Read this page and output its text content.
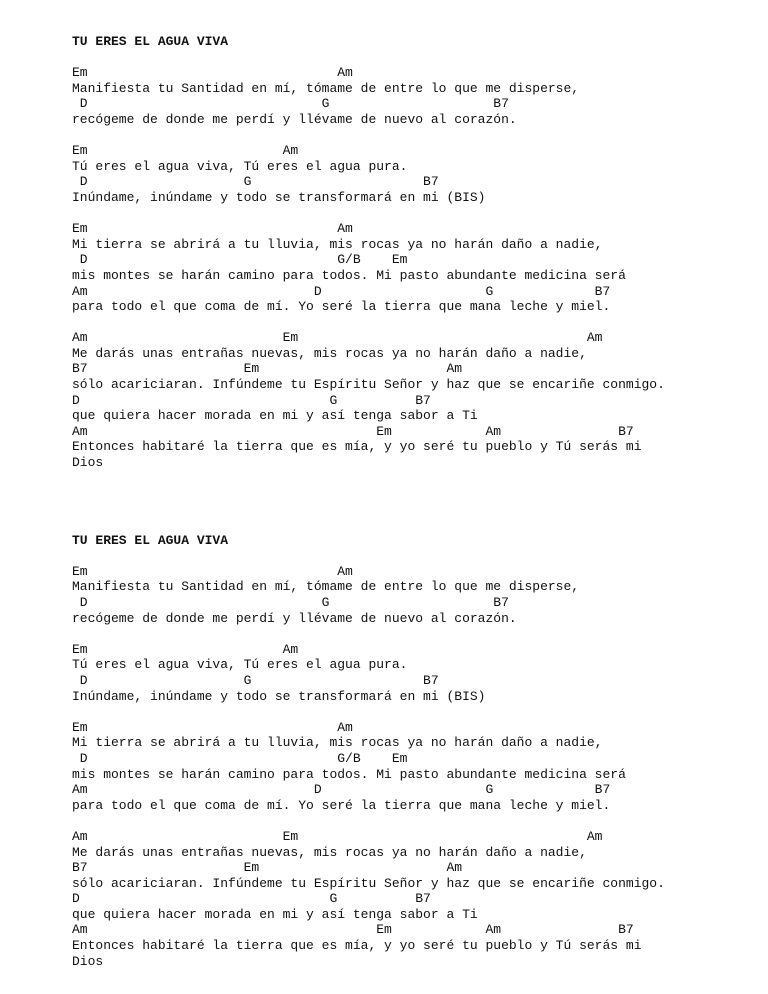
TU ERES EL AGUA VIVA
Em                                Am
Manifiesta tu Santidad en mí, tómame de entre lo que me disperse,
D                              G                     B7
recógeme de donde me perdí y llévame de nuevo al corazón.
Em                         Am
Tú eres el agua viva, Tú eres el agua pura.
D                    G                      B7
Inúndame, inúndame y todo se transformará en mi (BIS)
Em                                Am
Mi tierra se abrirá a tu lluvia, mis rocas ya no harán daño a nadie,
D                                G/B    Em
mis montes se harán camino para todos. Mi pasto abundante medicina será
Am                             D                     G             B7
para todo el que coma de mí. Yo seré la tierra que mana leche y miel.
Am                         Em                                     Am
Me darás unas entrañas nuevas, mis rocas ya no harán daño a nadie,
B7                    Em                        Am
sólo acariciaran. Infúndeme tu Espíritu Señor y haz que se encariñe conmigo.
D                                G          B7
que quiera hacer morada en mi y así tenga sabor a Ti
Am                                     Em            Am               B7
Entonces habitaré la tierra que es mía, y yo seré tu pueblo y Tú serás mi
Dios
TU ERES EL AGUA VIVA
Em                                Am
Manifiesta tu Santidad en mí, tómame de entre lo que me disperse,
D                              G                     B7
recógeme de donde me perdí y llévame de nuevo al corazón.
Em                         Am
Tú eres el agua viva, Tú eres el agua pura.
D                    G                      B7
Inúndame, inúndame y todo se transformará en mi (BIS)
Em                                Am
Mi tierra se abrirá a tu lluvia, mis rocas ya no harán daño a nadie,
D                                G/B    Em
mis montes se harán camino para todos. Mi pasto abundante medicina será
Am                             D                     G             B7
para todo el que coma de mí. Yo seré la tierra que mana leche y miel.
Am                         Em                                     Am
Me darás unas entrañas nuevas, mis rocas ya no harán daño a nadie,
B7                    Em                        Am
sólo acariciaran. Infúndeme tu Espíritu Señor y haz que se encariñe conmigo.
D                                G          B7
que quiera hacer morada en mi y así tenga sabor a Ti
Am                                     Em            Am               B7
Entonces habitaré la tierra que es mía, y yo seré tu pueblo y Tú serás mi
Dios
